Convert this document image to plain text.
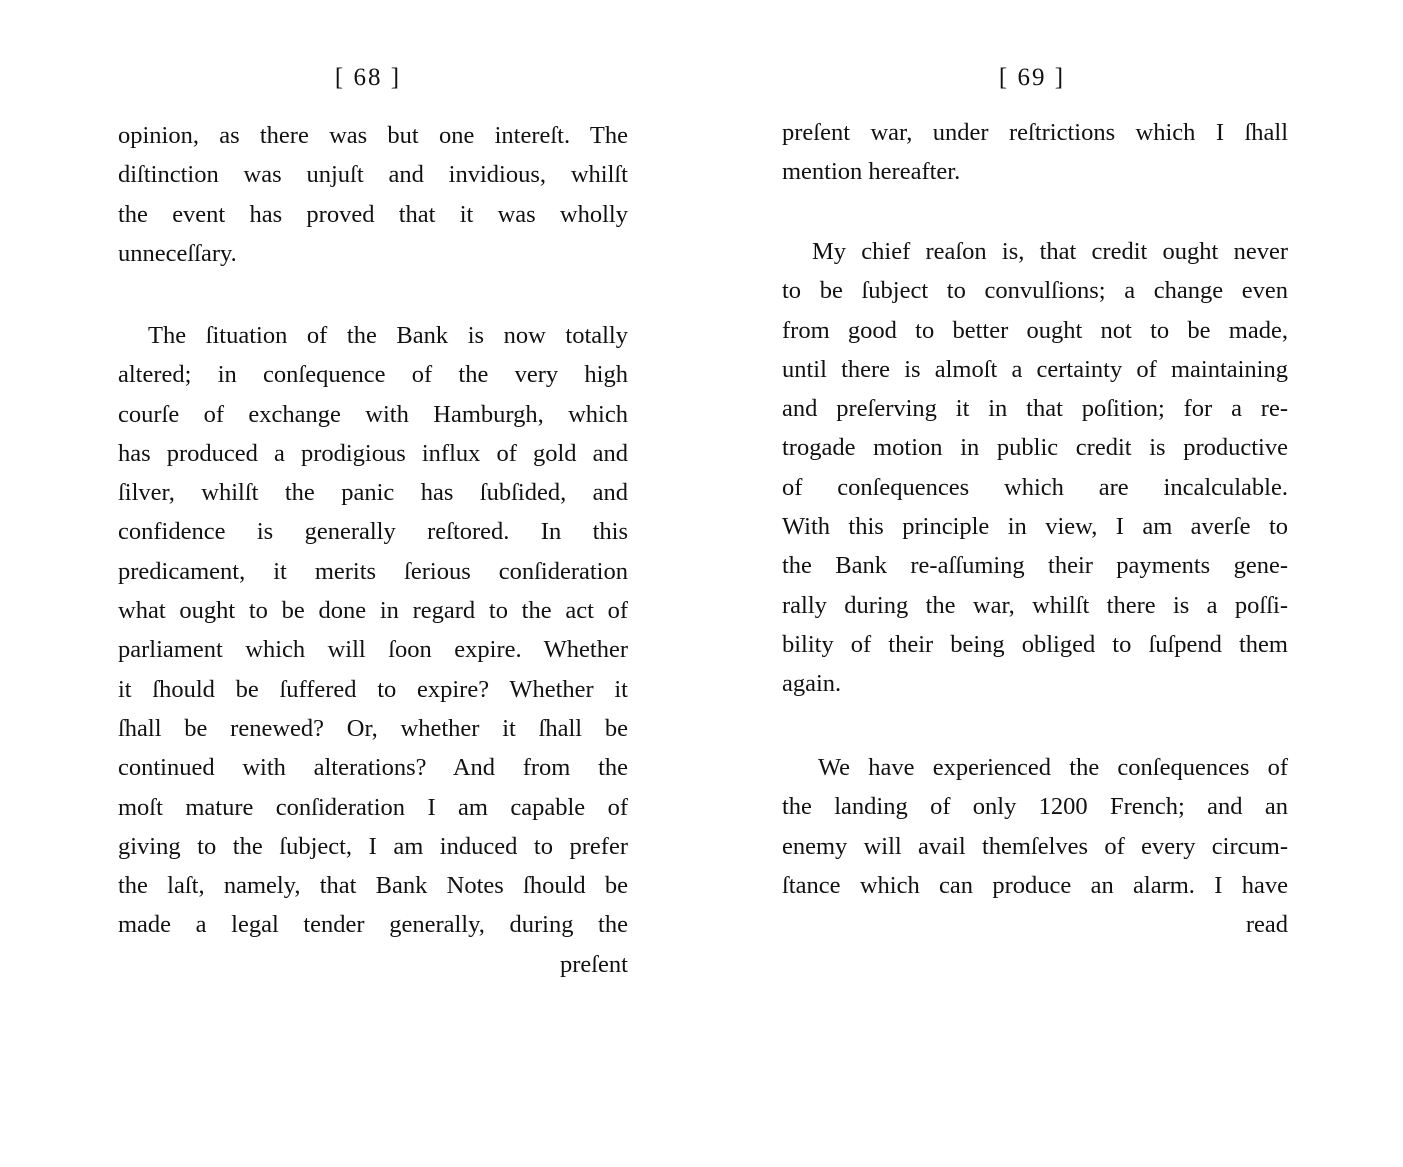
[ 68 ]
opinion, as there was but one intereſt. The
diſtinction was unjuſt and invidious, whilſt
the event has proved that it was wholly
unneceſſary.
The ſituation of the Bank is now totally
altered; in conſequence of the very high
courſe of exchange with Hamburgh, which
has produced a prodigious influx of gold and
ſilver, whilſt the panic has ſubſided, and
confidence is generally reſtored. In this
predicament, it merits ſerious conſideration
what ought to be done in regard to the act of
parliament which will ſoon expire. Whether
it ſhould be ſuffered to expire? Whether it
ſhall be renewed? Or, whether it ſhall be
continued with alterations? And from the
moſt mature conſideration I am capable of
giving to the ſubject, I am induced to prefer
the laſt, namely, that Bank Notes ſhould be
made a legal tender generally, during the
preſent
[ 69 ]
preſent war, under reſtrictions which I ſhall
mention hereafter.
My chief reaſon is, that credit ought never
to be ſubject to convulſions; a change even
from good to better ought not to be made,
until there is almoſt a certainty of maintaining
and preſerving it in that poſition; for a re-
trogade motion in public credit is productive
of conſequences which are incalculable.
With this principle in view, I am averſe to
the Bank re-aſſuming their payments gene-
rally during the war, whilſt there is a poſſi-
bility of their being obliged to ſuſpend them
again.
We have experienced the conſequences of
the landing of only 1200 French; and an
enemy will avail themſelves of every circum-
ſtance which can produce an alarm. I have
read
